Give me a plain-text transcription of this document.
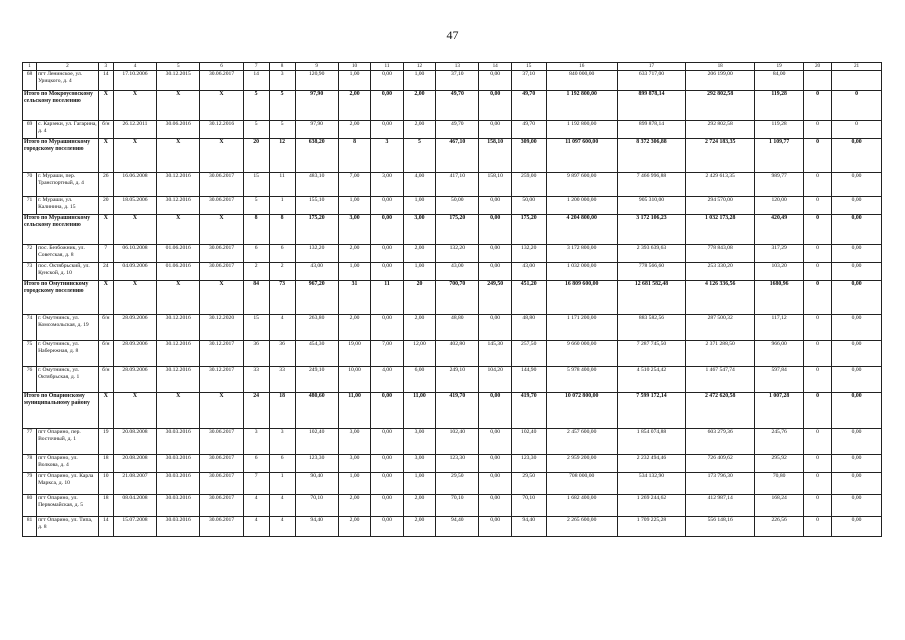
47
1	2	3	4	5	6	7	8	9	10	11	12	13	14	15	16	17	18	19	20	21
68	пгт Ленинское, ул. Урицкого, д. 4	14	17.10.2006	30.12.2015	30.06.2017	14	3	120,90	1,00	0,00	1,00	37,10	0,00	37,10	840 000,00	633 717,00	206 199,00	84,00		
Итого по Мокроусовскому сельскому поселению		X	X	X	X	5	5	97,90	2,00	0,00	2,00	49,70	0,00	49,70	1 192 800,00	899 878,14	292 802,58	119,28	0	0
69	с. Карзеки, ул. Гагарина, д. 4	б/н	26.12.2011	30.06.2016	30.12.2016	5	5	97,90	2,00	0,00	2,00	49,70	0,00	49,70	1 192 800,00	899 878,14	292 802,58	119,28	0	0
Итого по Мурашинскому городскому поселению		X	X	X	X	20	12	638,20	8	3	5	467,10	158,10	309,00	11 097 600,00	8 372 306,88	2 724 183,35	1 109,77	0	0,00
70	г. Мураши, пер. Транспортный, д. 4	26	16.06.2008	30.12.2016	30.06.2017	15	11	483,10	7,00	3,00	4,00	417,10	158,10	259,00	9 897 600,00	7 466 996,88	2 429 613,35	989,77	0	0,00
71	г. Мураши, ул. Калинина, д. 15	20	18.05.2006	30.12.2016	30.06.2017	5	1	155,10	1,00	0,00	1,00	50,00	0,00	50,00	1 200 000,00	905 310,00	294 570,00	120,00	0	0,00
Итого по Мурашинскому сельскому поселению		X	X	X	X	8	8	175,20	3,00	0,00	3,00	175,20	0,00	175,20	4 204 800,00	3 172 106,23	1 032 173,28	420,49	0	0,00
72	пос. Безбожник, ул. Советская, д. 8	7	06.10.2008	01.06.2016	30.06.2017	6	6	132,20	2,00	0,00	2,00	132,20	0,00	132,20	3 172 800,00	2 393 639,63	778 843,08	317,29	0	0,00
73	пос. Октябрьский, ул. Кунской, д. 10	24	04.09.2006	01.06.2016	30.06.2017	2	2	43,00	1,00	0,00	1,00	43,00	0,00	43,00	1 032 000,00	778 566,60	253 330,20	103,20	0	0,00
Итого по Омутнинскому городскому поселению		X	X	X	X	84	73	967,20	31	11	20	700,70	249,50	451,20	16 809 600,00	12 681 582,48	4 126 336,56	1680,96	0	0,00
74	г. Омутнинск, ул. Комсомольская, д. 19	б/н	28.09.2006	30.12.2016	30.12.2020	15	4	263,80	2,00	0,00	2,00	48,80	0,00	48,80	1 171 200,00	883 582,56	287 500,32	117,12	0	0,00
75	г. Омутнинск, ул. Набережная, д. 8	б/н	28.09.2006	30.12.2016	30.12.2017	36	36	454,30	19,00	7,00	12,00	402,80	145,30	257,50	9 660 000,00	7 287 745,50	2 371 288,50	966,00	0	0,00
76	г. Омутнинск, ул. Октябрьская, д. 1	б/н	28.09.2006	30.12.2016	30.12.2017	33	33	249,10	10,00	4,00	6,00	249,10	104,20	144,90	5 978 400,00	4 510 254,42	1 467 547,74	597,84	0	0,00
Итого по Опаринскому муниципальному району		X	X	X	X	24	18	480,60	11,00	0,00	11,00	419,70	0,00	419,70	10 072 800,00	7 599 172,14	2 472 620,58	1 007,28	0	0,00
77	пгт Опарино, пер. Восточный, д. 1	19	20.08.2008	30.03.2016	30.06.2017	3	3	102,40	3,00	0,00	3,00	102,40	0,00	102,40	2 457 600,00	1 854 074,88	603 279,36	245,76	0	0,00
78	пгт Опарино, ул. Волкова, д. 4	18	20.08.2008	30.03.2016	30.06.2017	6	6	123,30	3,00	0,00	3,00	123,30	0,00	123,30	2 959 200,00	2 232 494,46	726 409,62	295,92	0	0,00
79	пгт Опарино, ул. Карла Маркса, д. 10	10	21.08.2007	30.03.2016	30.06.2017	7	1	90,40	1,00	0,00	1,00	29,50	0,00	29,50	708 000,00	534 132,90	173 796,30	70,80	0	0,00
80	пгт Опарино, ул. Первомайская, д. 5	18	08.04.2008	30.03.2016	30.06.2017	4	4	70,10	2,00	0,00	2,00	70,10	0,00	70,10	1 682 400,00	1 269 244,62	412 987,14	168,24	0	0,00
81	пгт Опарино, ул. Типа, д. 8	14	15.07.2008	30.03.2016	30.06.2017	4	4	94,40	2,00	0,00	2,00	94,40	0,00	94,40	2 265 600,00	1 709 225,28	556 148,16	226,56	0	0,00
